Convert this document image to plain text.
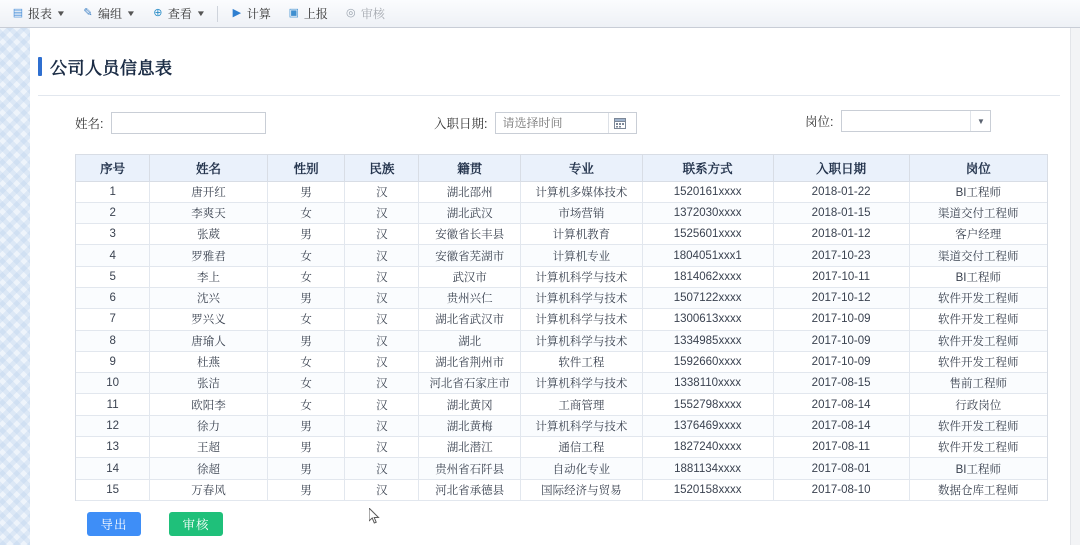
▤ 报表 ▼ ✎ 编组 ▼ ⊕ 查看 ▼ ▶ 计算 ▣ 上报 ◎ 审核
公司人员信息表
姓名:	入职日期:
请选择时间	岗位:	▼
序号	姓名	性别	民族	籍贯	专业	联系方式	入职日期	岗位
1	唐开红	男	汉	湖北邵州	计算机多媒体技术	1520161xxxx	2018-01-22	BI工程师
2	李爽天	女	汉	湖北武汉	市场营销	1372030xxxx	2018-01-15	渠道交付工程师
3	张葳	男	汉	安徽省长丰县	计算机教育	1525601xxxx	2018-01-12	客户经理
4	罗雅君	女	汉	安徽省芜湖市	计算机专业	1804051xxx1	2017-10-23	渠道交付工程师
5	李上	女	汉	武汉市	计算机科学与技术	1814062xxxx	2017-10-11	BI工程师
6	沈兴	男	汉	贵州兴仁	计算机科学与技术	1507122xxxx	2017-10-12	软件开发工程师
7	罗兴义	女	汉	湖北省武汉市	计算机科学与技术	1300613xxxx	2017-10-09	软件开发工程师
8	唐瑜人	男	汉	湖北	计算机科学与技术	1334985xxxx	2017-10-09	软件开发工程师
9	杜燕	女	汉	湖北省荆州市	软件工程	1592660xxxx	2017-10-09	软件开发工程师
10	张洁	女	汉	河北省石家庄市	计算机科学与技术	1338110xxxx	2017-08-15	售前工程师
11	欧阳李	女	汉	湖北黄冈	工商管理	1552798xxxx	2017-08-14	行政岗位
12	徐力	男	汉	湖北黄梅	计算机科学与技术	1376469xxxx	2017-08-14	软件开发工程师
13	王超	男	汉	湖北潜江	通信工程	1827240xxxx	2017-08-11	软件开发工程师
14	徐超	男	汉	贵州省石阡县	自动化专业	1881134xxxx	2017-08-01	BI工程师
15	万春风	男	汉	河北省承德县	国际经济与贸易	1520158xxxx	2017-08-10	数据仓库工程师
导出	审核
